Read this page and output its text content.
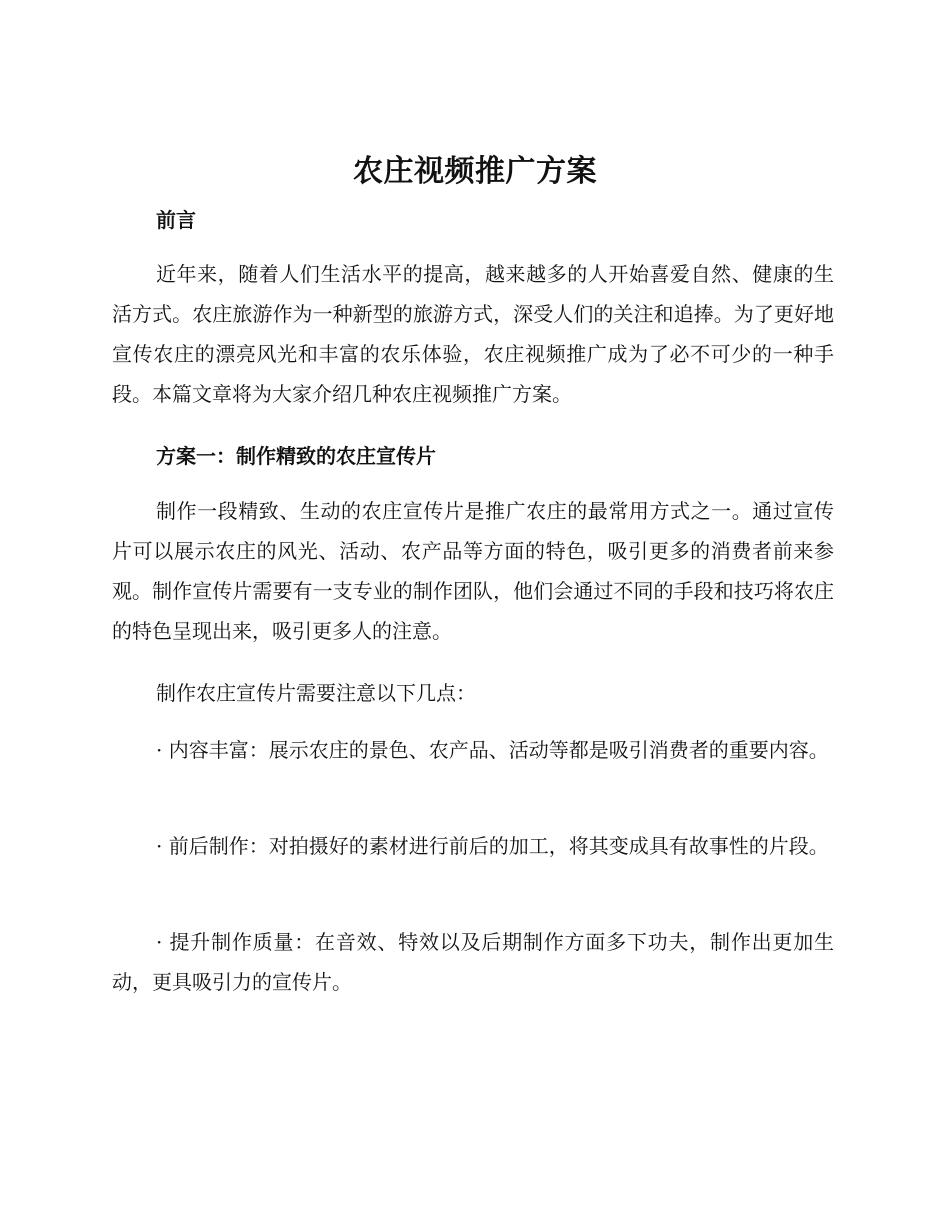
农庄视频推广方案
前言

近年来，随着人们生活水平的提高，越来越多的人开始喜爱自然、健康的生活方式。农庄旅游作为一种新型的旅游方式，深受人们的关注和追捧。为了更好地宣传农庄的漂亮风光和丰富的农乐体验，农庄视频推广成为了必不可少的一种手段。本篇文章将为大家介绍几种农庄视频推广方案。

方案一：制作精致的农庄宣传片

制作一段精致、生动的农庄宣传片是推广农庄的最常用方式之一。通过宣传片可以展示农庄的风光、活动、农产品等方面的特色，吸引更多的消费者前来参观。制作宣传片需要有一支专业的制作团队，他们会通过不同的手段和技巧将农庄的特色呈现出来，吸引更多人的注意。

制作农庄宣传片需要注意以下几点：

· 内容丰富：展示农庄的景色、农产品、活动等都是吸引消费者的重要内容。

· 前后制作：对拍摄好的素材进行前后的加工，将其变成具有故事性的片段。

· 提升制作质量：在音效、特效以及后期制作方面多下功夫，制作出更加生动，更具吸引力的宣传片。
